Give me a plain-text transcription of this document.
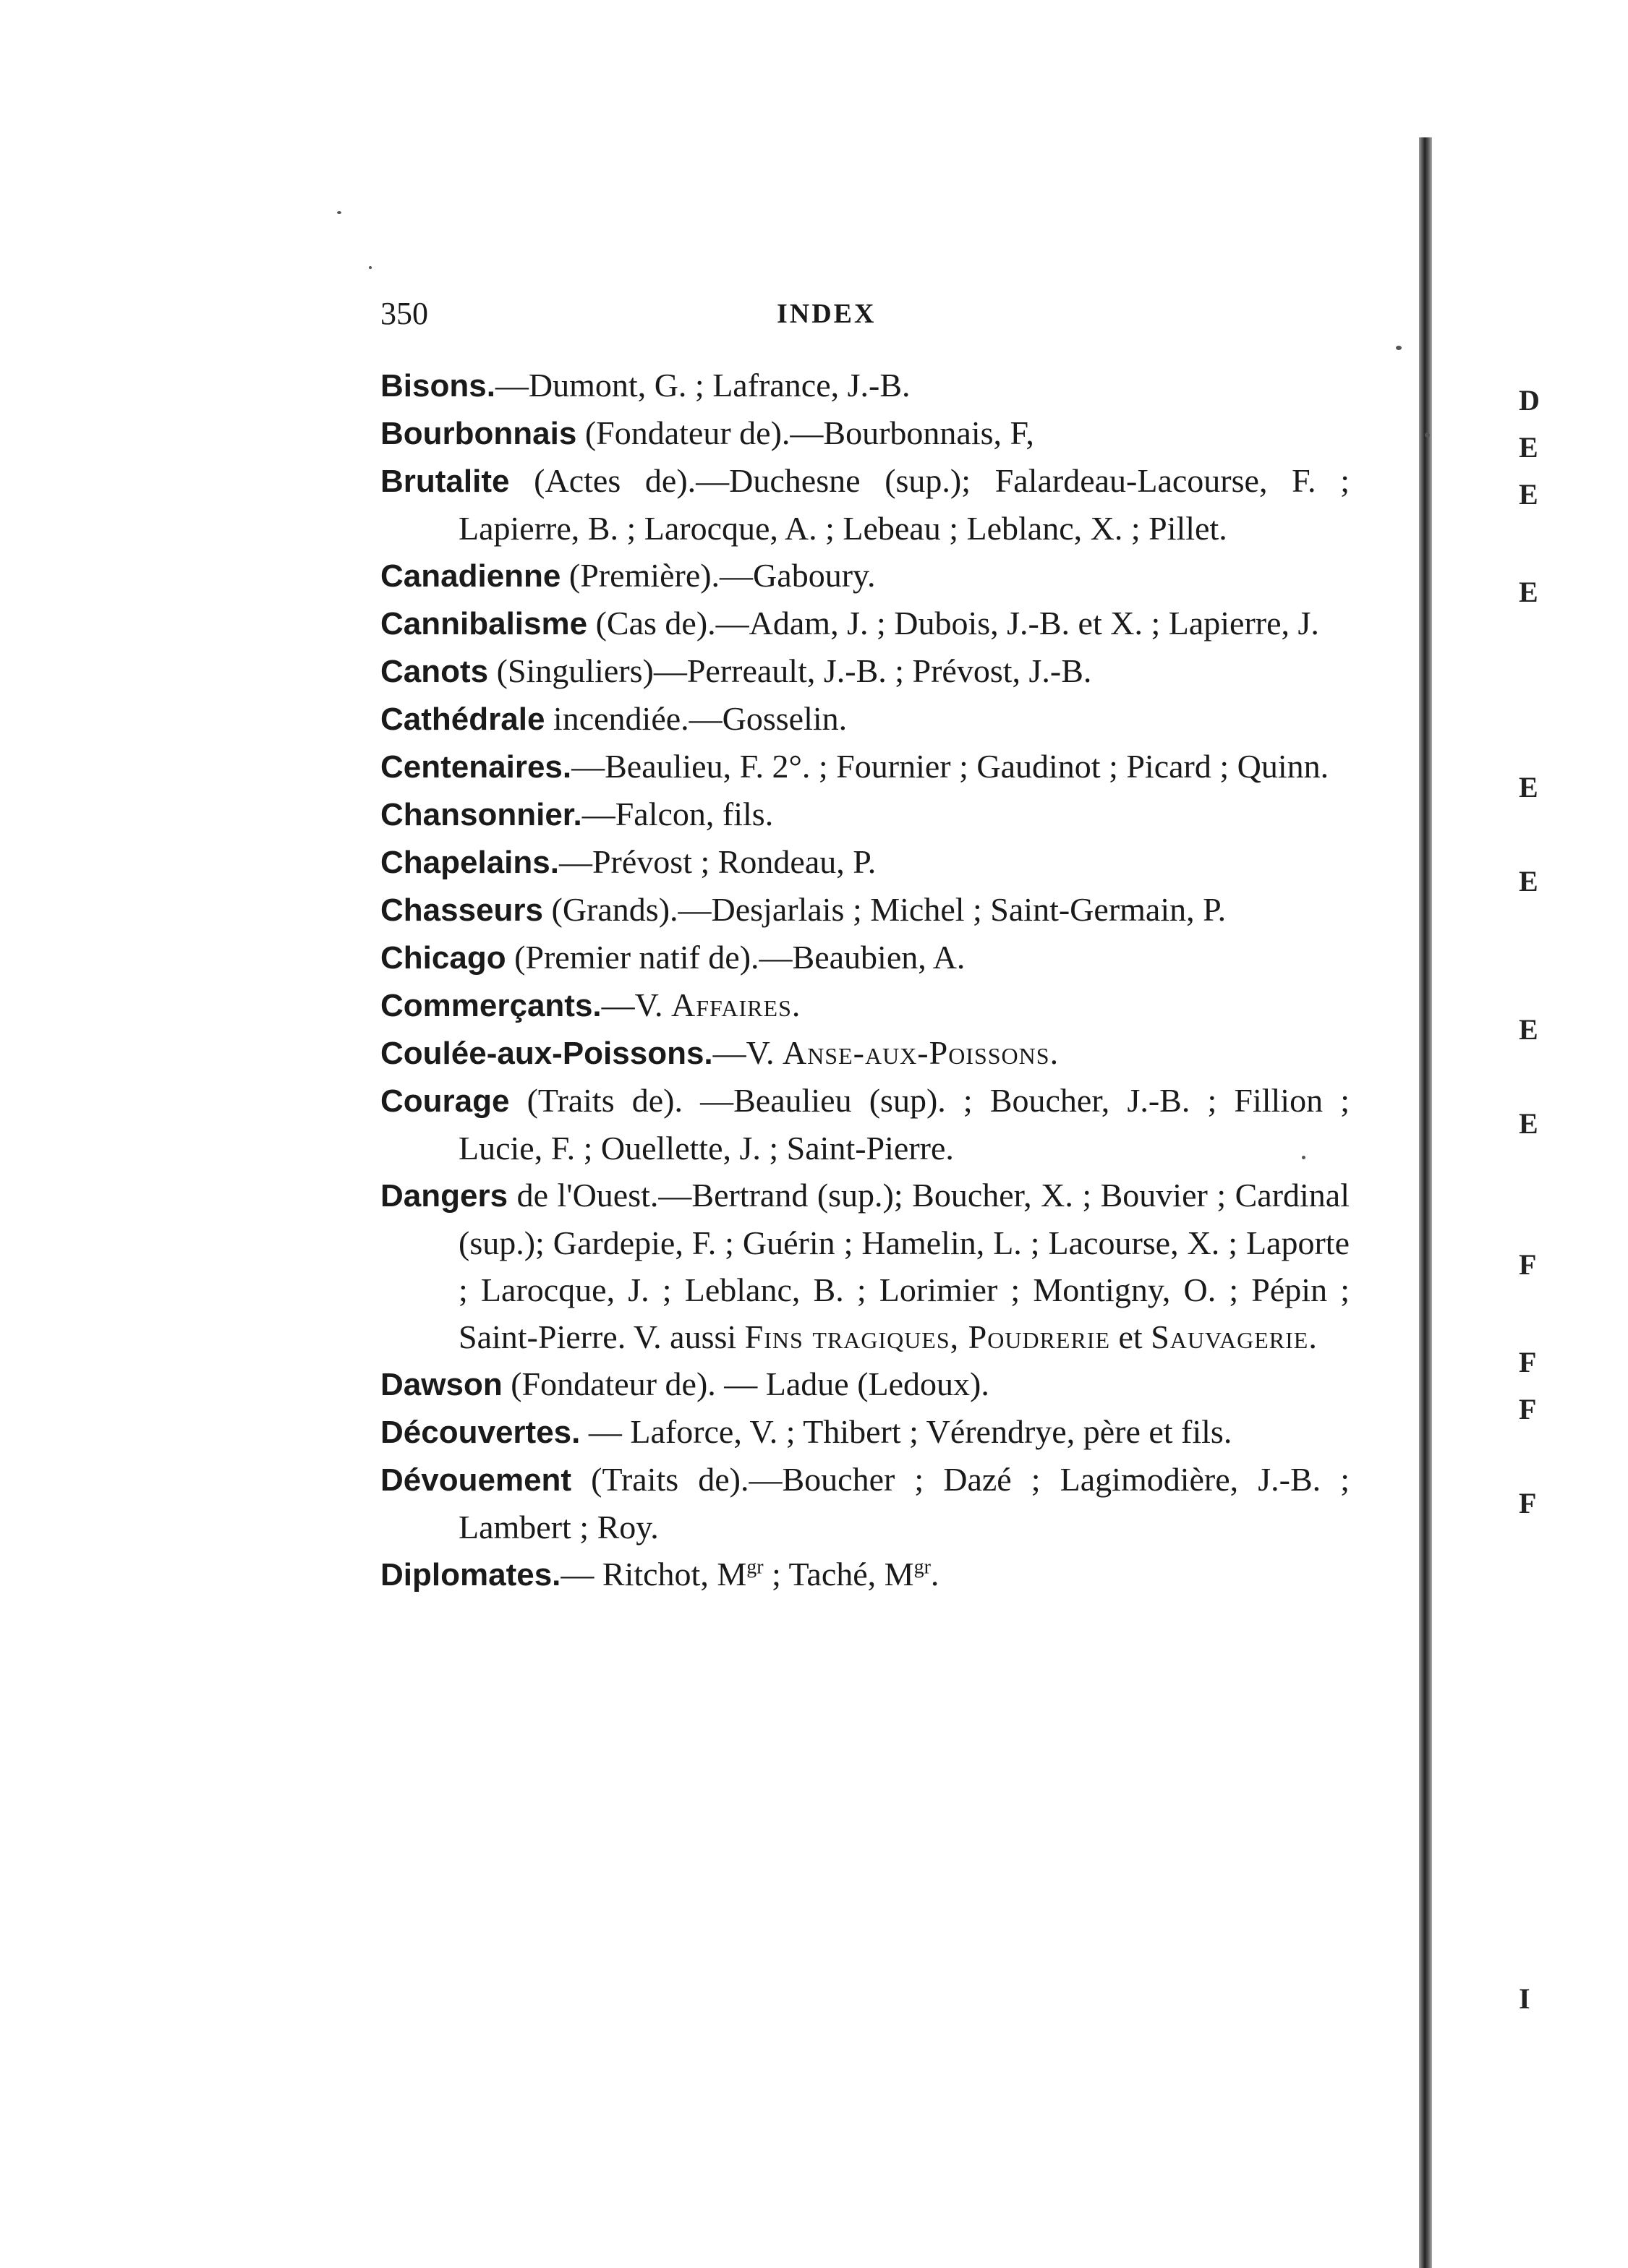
350	INDEX

Bisons.—Dumont, G. ; Lafrance, J.-B.

Bourbonnais (Fondateur de).—Bourbonnais, F,

Brutalite (Actes de).—Duchesne (sup.); Falardeau-Lacourse, F. ; Lapierre, B. ; Larocque, A. ; Lebeau ; Leblanc, X. ; Pillet.

Canadienne (Première).—Gaboury.

Cannibalisme (Cas de).—Adam, J. ; Dubois, J.-B. et X. ; Lapierre, J.

Canots (Singuliers)—Perreault, J.-B. ; Prévost, J.-B.

Cathédrale incendiée.—Gosselin.

Centenaires.—Beaulieu, F. 2°. ; Fournier ; Gaudinot ; Picard ; Quinn.

Chansonnier.—Falcon, fils.

Chapelains.—Prévost ; Rondeau, P.

Chasseurs (Grands).—Desjarlais ; Michel ; Saint-Germain, P.

Chicago (Premier natif de).—Beaubien, A.

Commerçants.—V. Affaires.

Coulée-aux-Poissons.—V. Anse-aux-Poissons.

Courage (Traits de). —Beaulieu (sup). ; Boucher, J.-B. ; Fillion ; Lucie, F. ; Ouellette, J. ; Saint-Pierre.

Dangers de l'Ouest.—Bertrand (sup.); Boucher, X. ; Bouvier ; Cardinal (sup.); Gardepie, F. ; Guérin ; Hamelin, L. ; Lacourse, X. ; Laporte ; Larocque, J. ; Leblanc, B. ; Lorimier ; Montigny, O. ; Pépin ; Saint-Pierre. V. aussi Fins tragiques, Poudrerie et Sauvagerie.

Dawson (Fondateur de). — Ladue (Ledoux).

Découvertes. — Laforce, V. ; Thibert ; Vérendrye, père et fils.

Dévouement (Traits de).—Boucher ; Dazé ; Lagimodière, J.-B. ; Lambert ; Roy.

Diplomates.— Ritchot, $M^{gr}$ ; Taché, $M^{gr}$.

D
E
E
E
E
E
E
E
F
F
F
F
I
